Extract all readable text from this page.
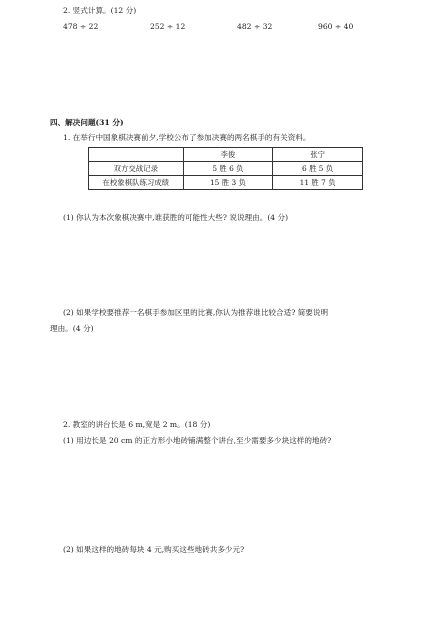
2. 竖式计算。(12 分)
478 ÷ 22	252 ÷ 12	482 ÷ 32	960 ÷ 40
四、解决问题(31 分)
1. 在举行中国象棋决赛前夕,学校公布了参加决赛的两名棋手的有关资料。
	李俊	张宁
双方交战记录	5 胜 6 负	6 胜 5 负
在校象棋队练习成绩	15 胜 3 负	11 胜 7 负
(1) 你认为本次象棋决赛中,谁获胜的可能性大些? 说说理由。(4 分)
(2) 如果学校要推荐一名棋手参加区里的比赛,你认为推荐谁比较合适? 简要说明
理由。(4 分)
2. 教室的讲台长是 6 m,宽是 2 m。(18 分)
(1) 用边长是 20 cm 的正方形小地砖铺满整个讲台,至少需要多少块这样的地砖?
(2) 如果这样的地砖每块 4 元,购买这些地砖共多少元?
